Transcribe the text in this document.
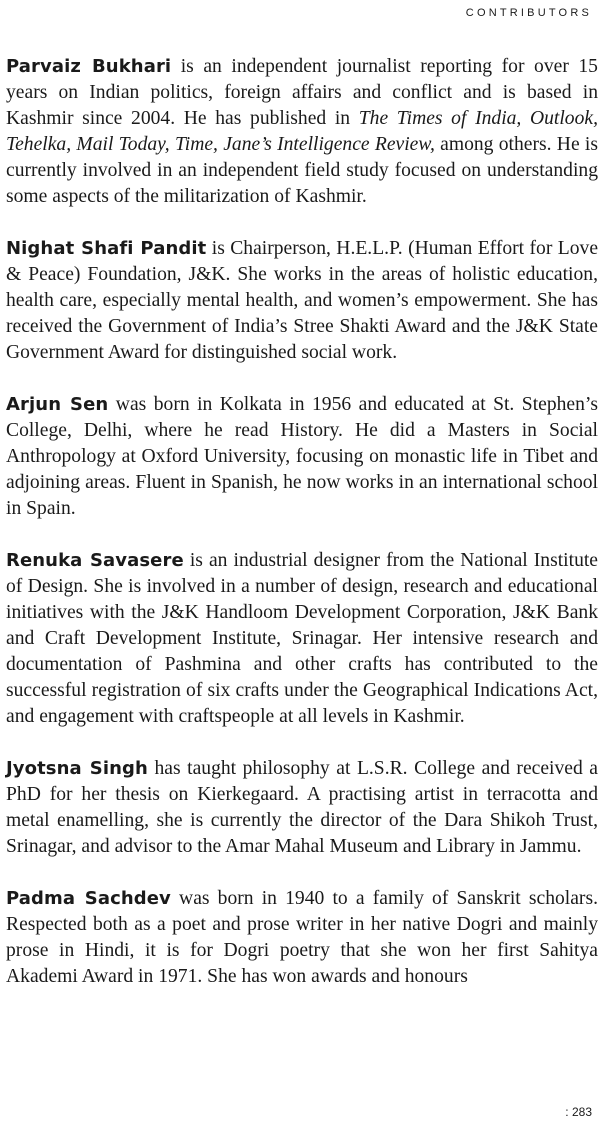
CONTRIBUTORS

Parvaiz Bukhari is an independent journalist reporting for over 15 years on Indian politics, foreign affairs and conflict and is based in Kashmir since 2004. He has published in The Times of India, Outlook, Tehelka, Mail Today, Time, Jane’s Intelligence Review, among others. He is currently involved in an independent field study focused on understanding some aspects of the militarization of Kashmir.

Nighat Shafi Pandit is Chairperson, H.E.L.P. (Human Effort for Love & Peace) Foundation, J&K. She works in the areas of holistic education, health care, especially mental health, and women’s empowerment. She has received the Government of India’s Stree Shakti Award and the J&K State Government Award for distinguished social work.

Arjun Sen was born in Kolkata in 1956 and educated at St. Stephen’s College, Delhi, where he read History. He did a Masters in Social Anthropology at Oxford University, focusing on monastic life in Tibet and adjoining areas. Fluent in Spanish, he now works in an international school in Spain.

Renuka Savasere is an industrial designer from the National Institute of Design. She is involved in a number of design, research and educational initiatives with the J&K Handloom Development Corporation, J&K Bank and Craft Development Institute, Srinagar. Her intensive research and documentation of Pashmina and other crafts has contributed to the successful registration of six crafts under the Geographical Indications Act, and engagement with craftspeople at all levels in Kashmir.

Jyotsna Singh has taught philosophy at L.S.R. College and received a PhD for her thesis on Kierkegaard. A practising artist in terracotta and metal enamelling, she is currently the director of the Dara Shikoh Trust, Srinagar, and advisor to the Amar Mahal Museum and Library in Jammu.

Padma Sachdev was born in 1940 to a family of Sanskrit scholars. Respected both as a poet and prose writer in her native Dogri and mainly prose in Hindi, it is for Dogri poetry that she won her first Sahitya Akademi Award in 1971. She has won awards and honours

: 283
